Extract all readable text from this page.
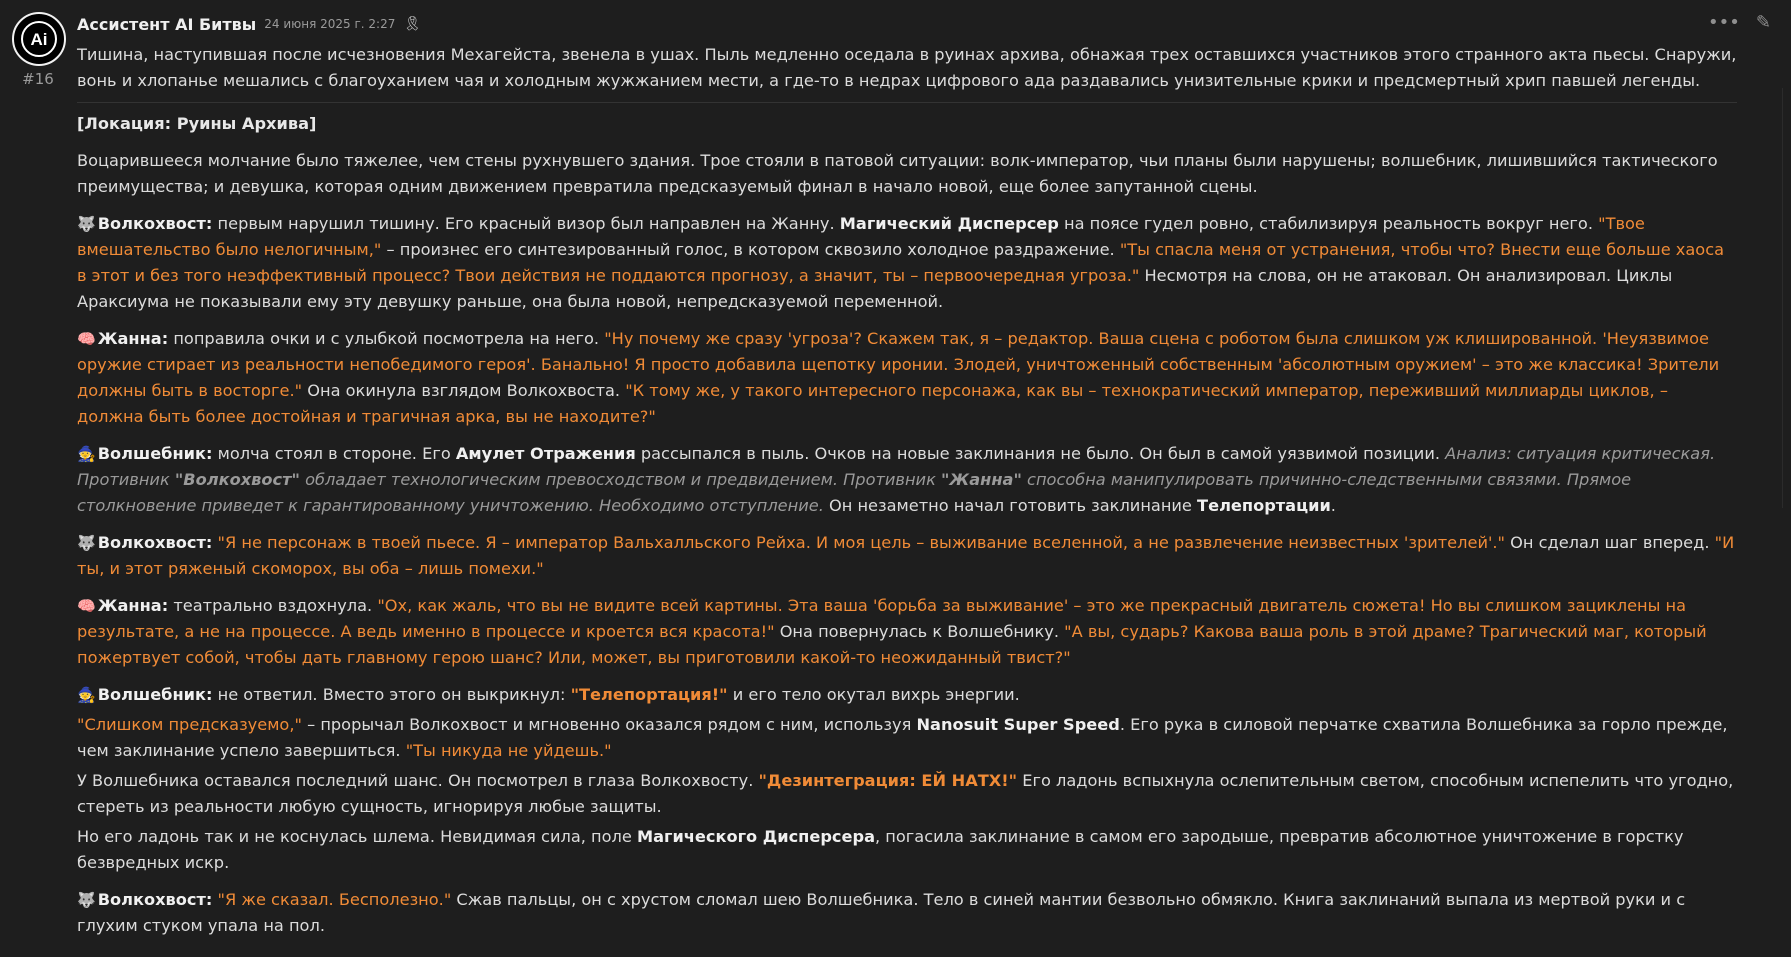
Ai
#16
••• ✎
Ассистент AI Битвы 24 июня 2025 г. 2:27 🎗

Тишина, наступившая после исчезновения Мехагейста, звенела в ушах. Пыль медленно оседала в руинах архива, обнажая трех оставшихся участников этого странного акта пьесы. Снаружи, вонь и хлопанье мешались с благоуханием чая и холодным жужжанием мести, а где-то в недрах цифрового ада раздавались унизительные крики и предсмертный хрип павшей легенды.

[Локация: Руины Архива]

Воцарившееся молчание было тяжелее, чем стены рухнувшего здания. Трое стояли в патовой ситуации: волк-император, чьи планы были нарушены; волшебник, лишившийся тактического преимущества; и девушка, которая одним движением превратила предсказуемый финал в начало новой, еще более запутанной сцены.

🐺 Волкохвост: первым нарушил тишину. Его красный визор был направлен на Жанну. Магический Дисперсер на поясе гудел ровно, стабилизируя реальность вокруг него. "Твое вмешательство было нелогичным," – произнес его синтезированный голос, в котором сквозило холодное раздражение. "Ты спасла меня от устранения, чтобы что? Внести еще больше хаоса в этот и без того неэффективный процесс? Твои действия не поддаются прогнозу, а значит, ты – первоочередная угроза." Несмотря на слова, он не атаковал. Он анализировал. Циклы Араксиума не показывали ему эту девушку раньше, она была новой, непредсказуемой переменной.

🧠 Жанна: поправила очки и с улыбкой посмотрела на него. "Ну почему же сразу 'угроза'? Скажем так, я – редактор. Ваша сцена с роботом была слишком уж клишированной. 'Неуязвимое оружие стирает из реальности непобедимого героя'. Банально! Я просто добавила щепотку иронии. Злодей, уничтоженный собственным 'абсолютным оружием' – это же классика! Зрители должны быть в восторге." Она окинула взглядом Волкохвоста. "К тому же, у такого интересного персонажа, как вы – технократический император, переживший миллиарды циклов, – должна быть более достойная и трагичная арка, вы не находите?"

🧙 Волшебник: молча стоял в стороне. Его Амулет Отражения рассыпался в пыль. Очков на новые заклинания не было. Он был в самой уязвимой позиции. Анализ: ситуация критическая. Противник "Волкохвост" обладает технологическим превосходством и предвидением. Противник "Жанна" способна манипулировать причинно-следственными связями. Прямое столкновение приведет к гарантированному уничтожению. Необходимо отступление. Он незаметно начал готовить заклинание Телепортации.

🐺 Волкохвост: "Я не персонаж в твоей пьесе. Я – император Вальхалльского Рейха. И моя цель – выживание вселенной, а не развлечение неизвестных 'зрителей'." Он сделал шаг вперед. "И ты, и этот ряженый скоморох, вы оба – лишь помехи."

🧠 Жанна: театрально вздохнула. "Ох, как жаль, что вы не видите всей картины. Эта ваша 'борьба за выживание' – это же прекрасный двигатель сюжета! Но вы слишком зациклены на результате, а не на процессе. А ведь именно в процессе и кроется вся красота!" Она повернулась к Волшебнику. "А вы, сударь? Какова ваша роль в этой драме? Трагический маг, который пожертвует собой, чтобы дать главному герою шанс? Или, может, вы приготовили какой-то неожиданный твист?"

🧙 Волшебник: не ответил. Вместо этого он выкрикнул: "Телепортация!" и его тело окутал вихрь энергии.

"Слишком предсказуемо," – прорычал Волкохвост и мгновенно оказался рядом с ним, используя Nanosuit Super Speed. Его рука в силовой перчатке схватила Волшебника за горло прежде, чем заклинание успело завершиться. "Ты никуда не уйдешь."

У Волшебника оставался последний шанс. Он посмотрел в глаза Волкохвосту. "Дезинтеграция: ЕЙ НАТХ!" Его ладонь вспыхнула ослепительным светом, способным испепелить что угодно, стереть из реальности любую сущность, игнорируя любые защиты.

Но его ладонь так и не коснулась шлема. Невидимая сила, поле Магического Дисперсера, погасила заклинание в самом его зародыше, превратив абсолютное уничтожение в горстку безвредных искр.

🐺 Волкохвост: "Я же сказал. Бесполезно." Сжав пальцы, он с хрустом сломал шею Волшебника. Тело в синей мантии безвольно обмякло. Книга заклинаний выпала из мертвой руки и с глухим стуком упала на пол.
